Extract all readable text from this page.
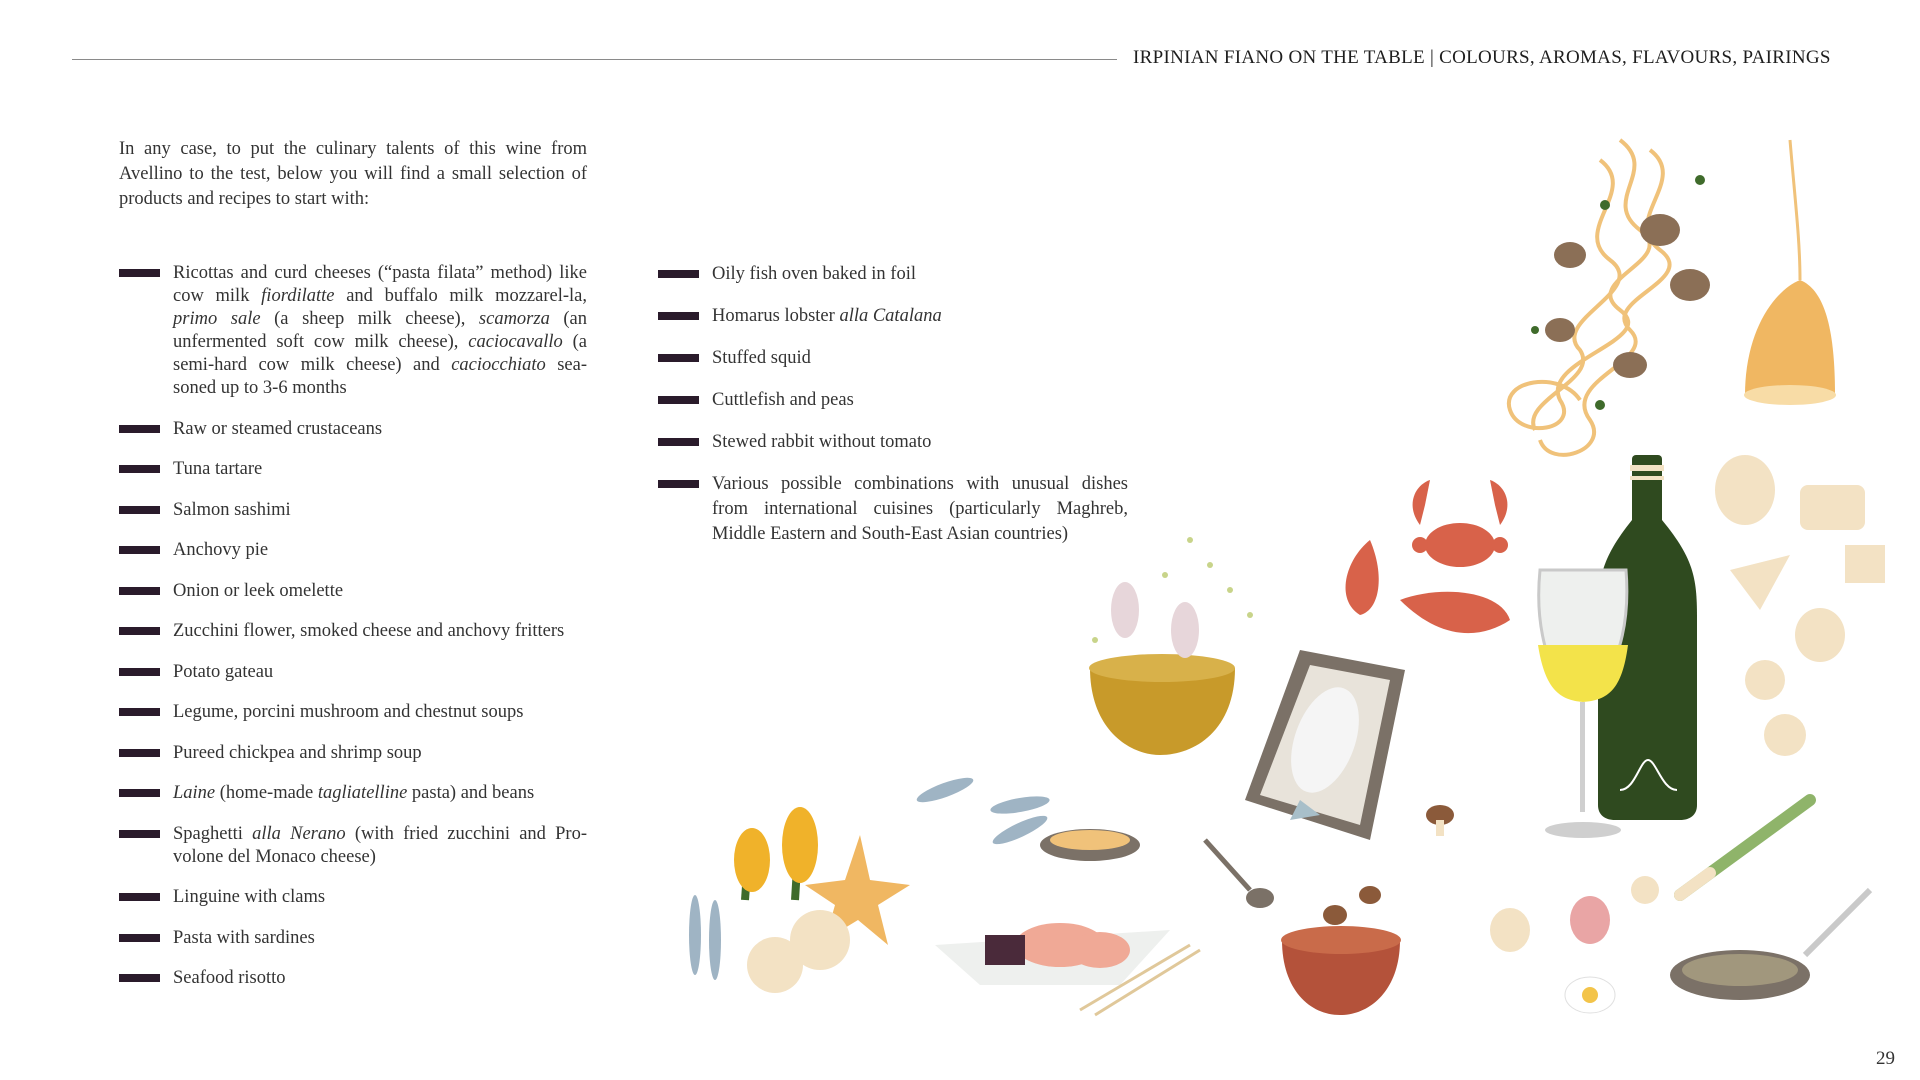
IRPINIAN FIANO ON THE TABLE | COLOURS, AROMAS, FLAVOURS, PAIRINGS

In any case, to put the culinary talents of this wine from Avellino to the test, below you will find a small selection of products and recipes to start with:

Ricottas and curd cheeses (“pasta filata” method) like cow milk fiordilatte and buffalo milk mozzarel-la, primo sale (a sheep milk cheese), scamorza (an unfermented soft cow milk cheese), caciocavallo (a semi-hard cow milk cheese) and caciocchiato sea-soned up to 3-6 months
Raw or steamed crustaceans
Tuna tartare
Salmon sashimi
Anchovy pie
Onion or leek omelette
Zucchini flower, smoked cheese and anchovy fritters
Potato gateau
Legume, porcini mushroom and chestnut soups
Pureed chickpea and shrimp soup
Laine (home-made tagliatelline pasta) and beans
Spaghetti alla Nerano (with fried zucchini and Pro-volone del Monaco cheese)
Linguine with clams
Pasta with sardines
Seafood risotto
Oily fish oven baked in foil
Homarus lobster alla Catalana
Stuffed squid
Cuttlefish and peas
Stewed rabbit without tomato
Various possible combinations with unusual dishes from international cuisines (particularly Maghreb, Middle Eastern and South-East Asian countries)
29
